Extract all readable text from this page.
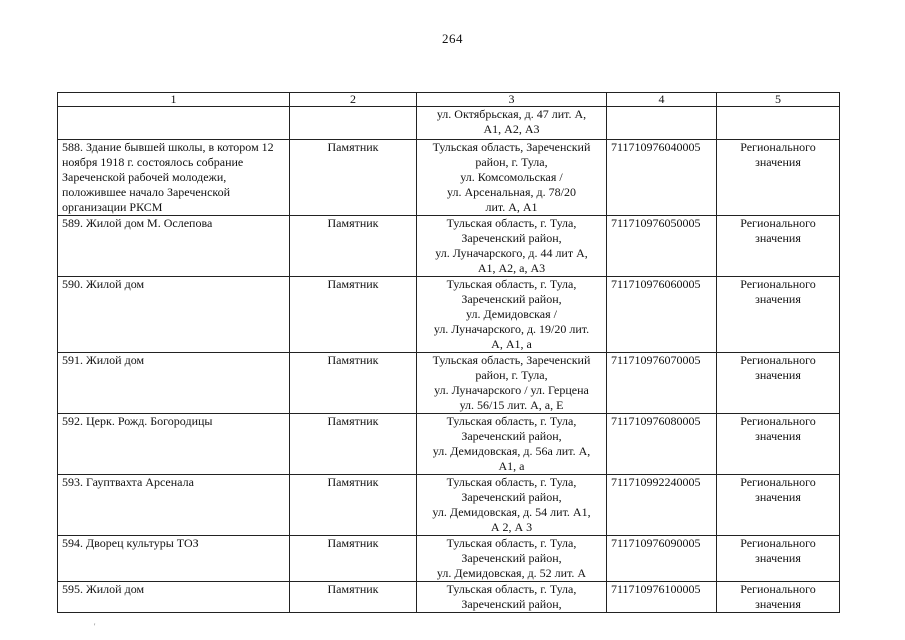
264
1	2	3	4	5

		ул. Октябрьская, д. 47 лит. А,
А1, А2, А3		

588. Здание бывшей школы, в котором 12 ноября 1918 г. состоялось собрание Зареченской рабочей молодежи, положившее начало Зареченской организации РКСМ	Памятник	Тульская область, Зареченский
район, г. Тула,
ул. Комсомольская /
ул. Арсенальная, д. 78/20
лит. А, А1	711710976040005	Регионального
значения

589. Жилой дом М. Ослепова	Памятник	Тульская область, г. Тула,
Зареченский район,
ул. Луначарского, д. 44 лит А,
А1, А2, а, А3	711710976050005	Регионального
значения

590. Жилой дом	Памятник	Тульская область, г. Тула,
Зареченский район,
ул. Демидовская /
ул. Луначарского, д. 19/20 лит.
А, А1, а	711710976060005	Регионального
значения

591. Жилой дом	Памятник	Тульская область, Зареченский
район, г. Тула,
ул. Луначарского / ул. Герцена
ул. 56/15 лит. А, а, Е	711710976070005	Регионального
значения

592. Церк. Рожд. Богородицы	Памятник	Тульская область, г. Тула,
Зареченский район,
ул. Демидовская, д. 56а лит. А,
А1, а	711710976080005	Регионального
значения

593. Гауптвахта Арсенала	Памятник	Тульская область, г. Тула,
Зареченский район,
ул. Демидовская, д. 54 лит. А1,
А 2, А 3	711710992240005	Регионального
значения

594. Дворец культуры ТОЗ	Памятник	Тульская область, г. Тула,
Зареченский район,
ул. Демидовская, д. 52 лит. А	711710976090005	Регионального
значения

595. Жилой дом	Памятник	Тульская область, г. Тула,
Зареченский район,	711710976100005	Регионального
значения
'
